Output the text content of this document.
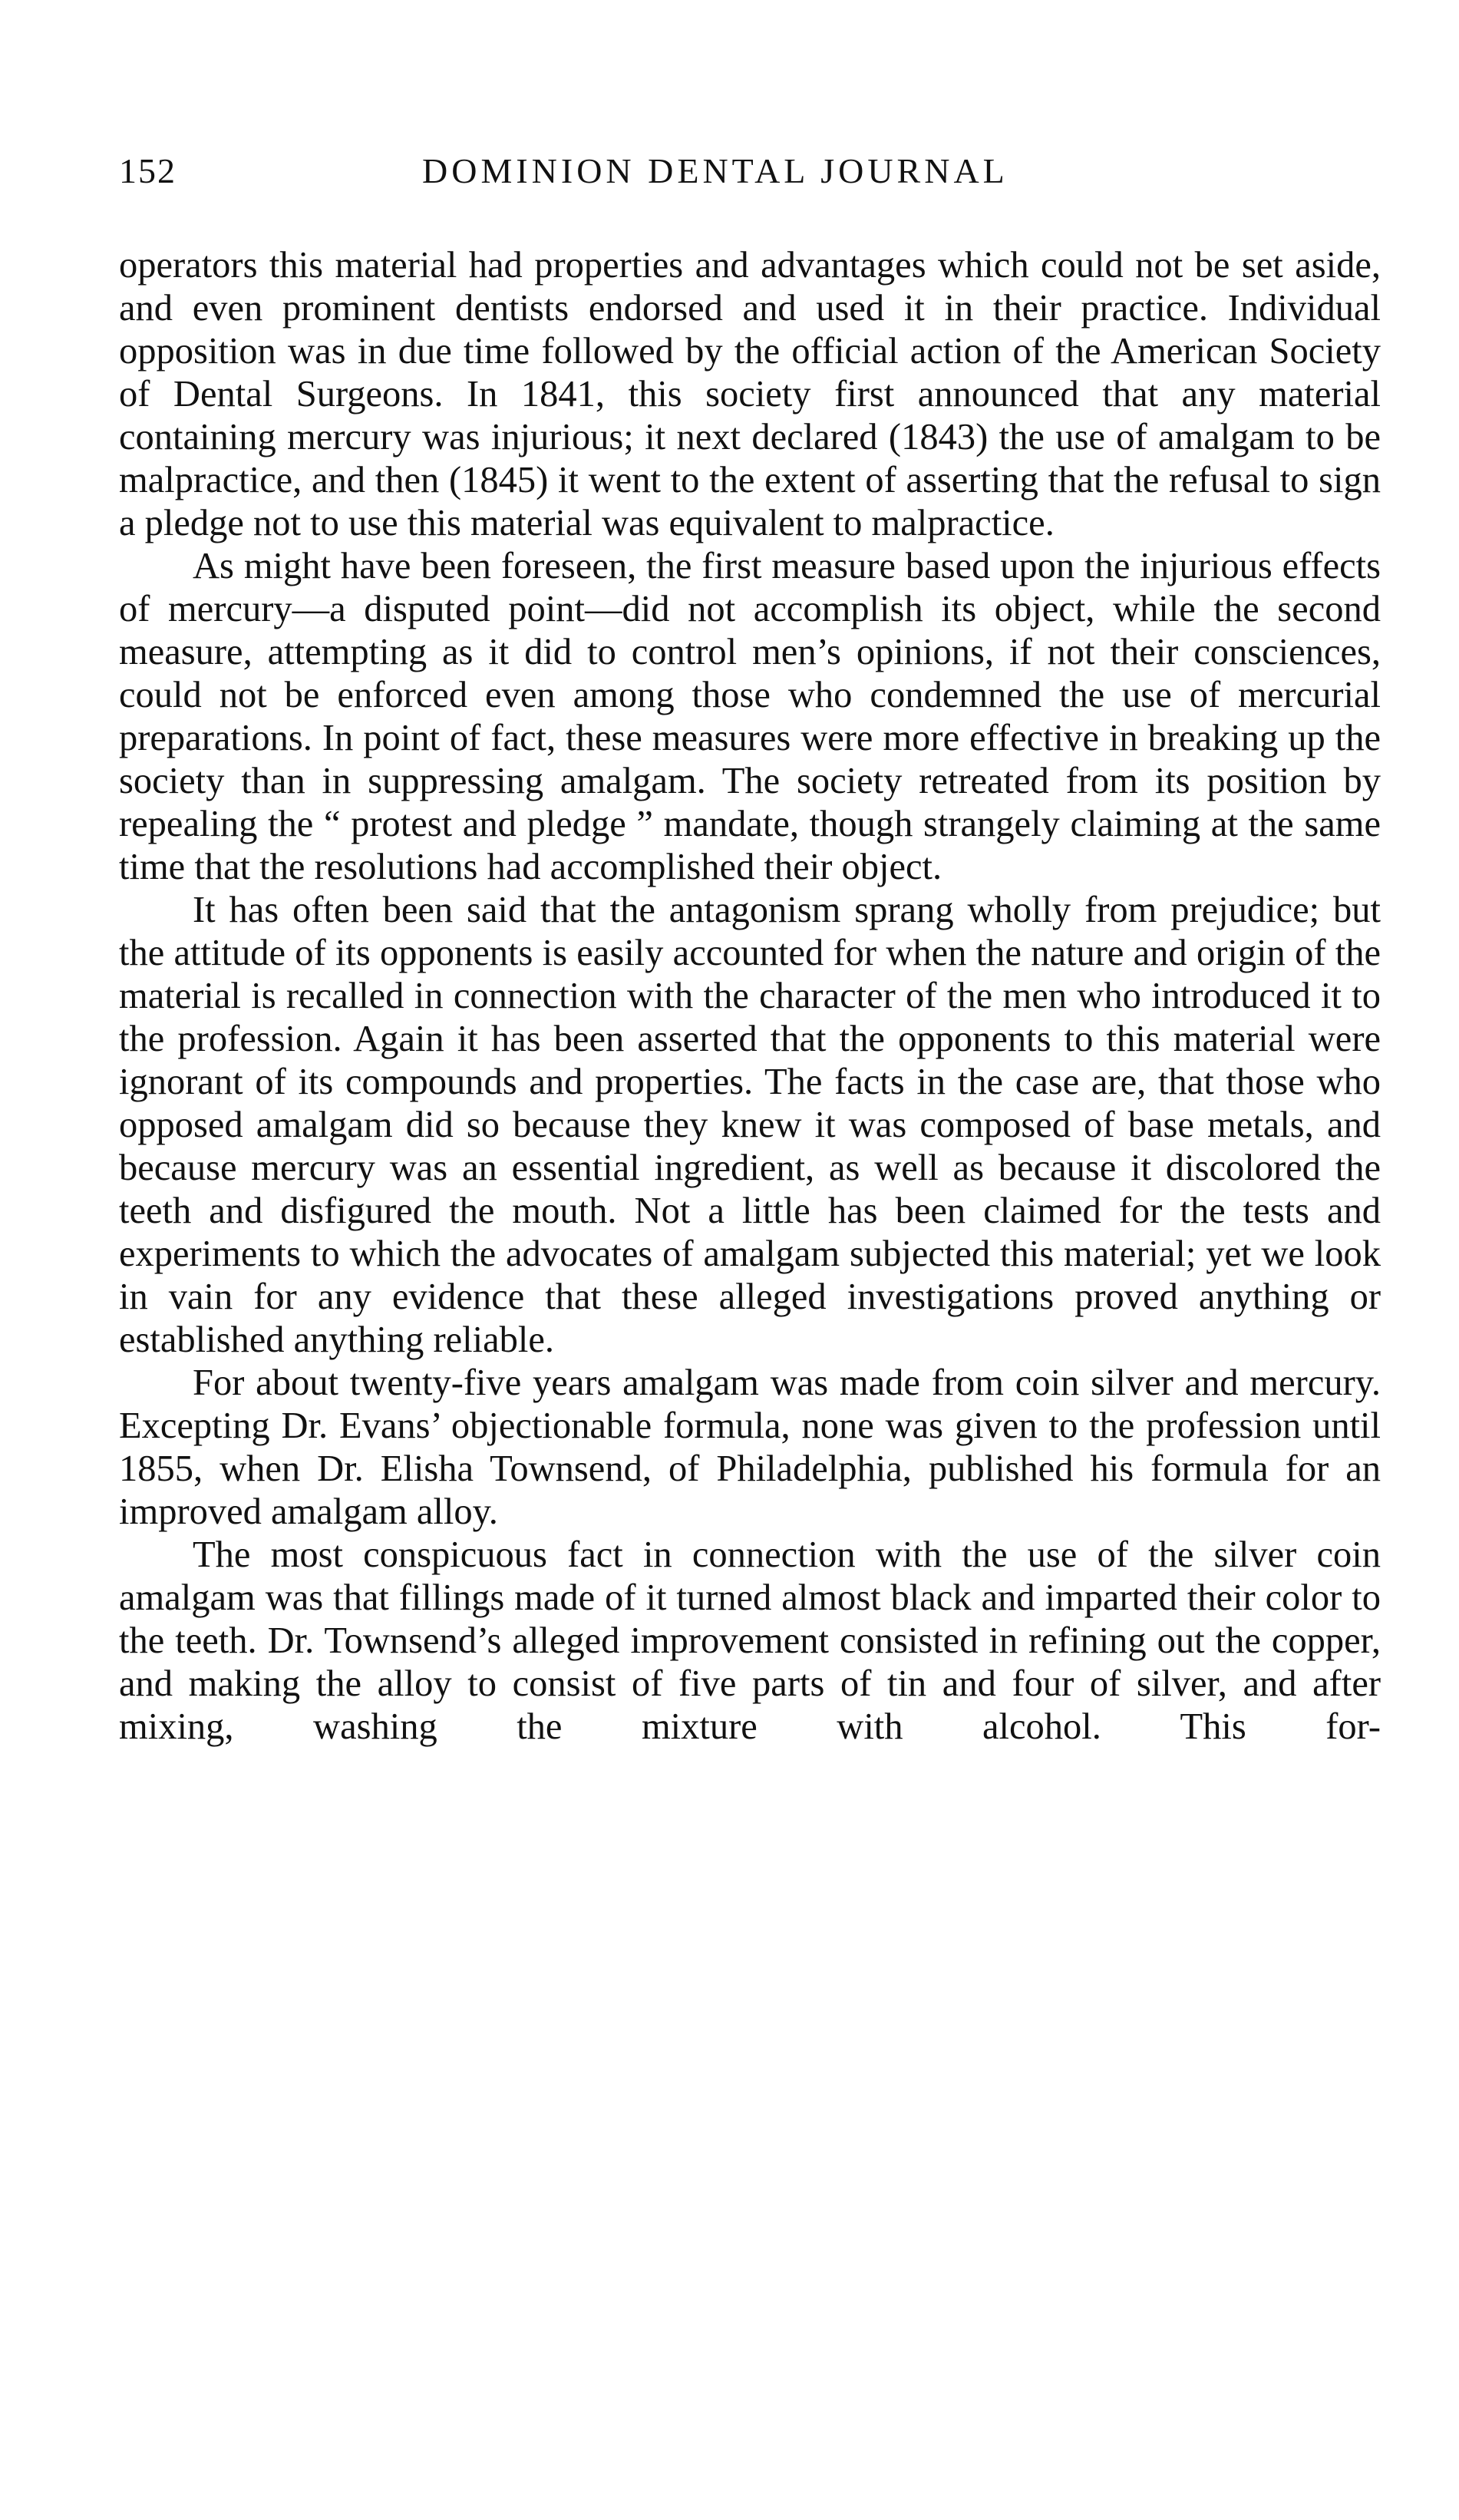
152	DOMINION DENTAL JOURNAL

operators this material had properties and advantages which could not be set aside, and even prominent dentists endorsed and used it in their practice. Individual opposition was in due time followed by the official action of the American Society of Dental Surgeons. In 1841, this society first announced that any material containing mercury was injurious; it next declared (1843) the use of amalgam to be malpractice, and then (1845) it went to the extent of asserting that the refusal to sign a pledge not to use this material was equivalent to malpractice.

As might have been foreseen, the first measure based upon the injurious effects of mercury—a disputed point—did not accomplish its object, while the second measure, attempting as it did to control men’s opinions, if not their consciences, could not be enforced even among those who condemned the use of mercurial preparations. In point of fact, these measures were more effective in breaking up the society than in suppressing amalgam. The society retreated from its position by repealing the “ protest and pledge ” mandate, though strangely claiming at the same time that the resolutions had accomplished their object.

It has often been said that the antagonism sprang wholly from prejudice; but the attitude of its opponents is easily accounted for when the nature and origin of the material is recalled in connection with the character of the men who introduced it to the profession. Again it has been asserted that the opponents to this material were ignorant of its compounds and properties. The facts in the case are, that those who opposed amalgam did so because they knew it was composed of base metals, and because mercury was an essential ingredient, as well as because it discolored the teeth and disfigured the mouth. Not a little has been claimed for the tests and experiments to which the advocates of amalgam subjected this material; yet we look in vain for any evidence that these alleged investigations proved anything or established anything reliable.

For about twenty-five years amalgam was made from coin silver and mercury. Excepting Dr. Evans’ objectionable formula, none was given to the profession until 1855, when Dr. Elisha Townsend, of Philadelphia, published his formula for an improved amalgam alloy.

The most conspicuous fact in connection with the use of the silver coin amalgam was that fillings made of it turned almost black and imparted their color to the teeth. Dr. Townsend’s alleged improvement consisted in refining out the copper, and making the alloy to consist of five parts of tin and four of silver, and after mixing, washing the mixture with alcohol. This for-
